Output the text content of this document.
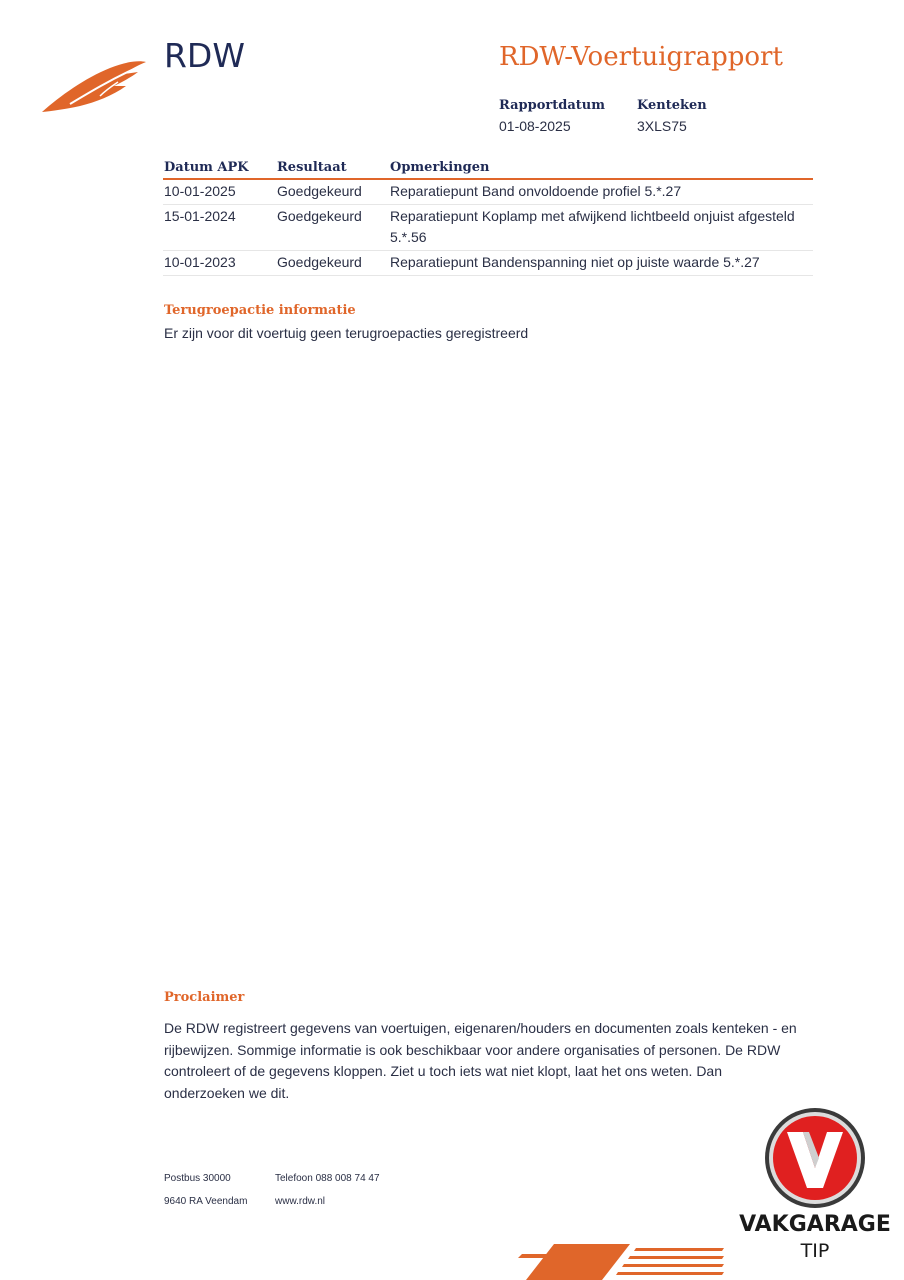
RDW	RDW-Voertuigrapport
Rapportdatum
01-08-2025
Kenteken
3XLS75
Datum APK	Resultaat	Opmerkingen
10-01-2025	Goedgekeurd	Reparatiepunt Band onvoldoende profiel 5.*.27
15-01-2024	Goedgekeurd	Reparatiepunt Koplamp met afwijkend lichtbeeld onjuist afgesteld 5.*.56
10-01-2023	Goedgekeurd	Reparatiepunt Bandenspanning niet op juiste waarde 5.*.27
Terugroepactie informatie
Er zijn voor dit voertuig geen terugroepacties geregistreerd
Proclaimer
De RDW registreert gegevens van voertuigen, eigenaren/houders en documenten zoals kenteken - en rijbewijzen. Sommige informatie is ook beschikbaar voor andere organisaties of personen. De RDW controleert of de gegevens kloppen. Ziet u toch iets wat niet klopt, laat het ons weten. Dan onderzoeken we dit.
Postbus 30000
9640 RA Veendam
Telefoon 088 008 74 47
www.rdw.nl
VAKGARAGE
TIP
